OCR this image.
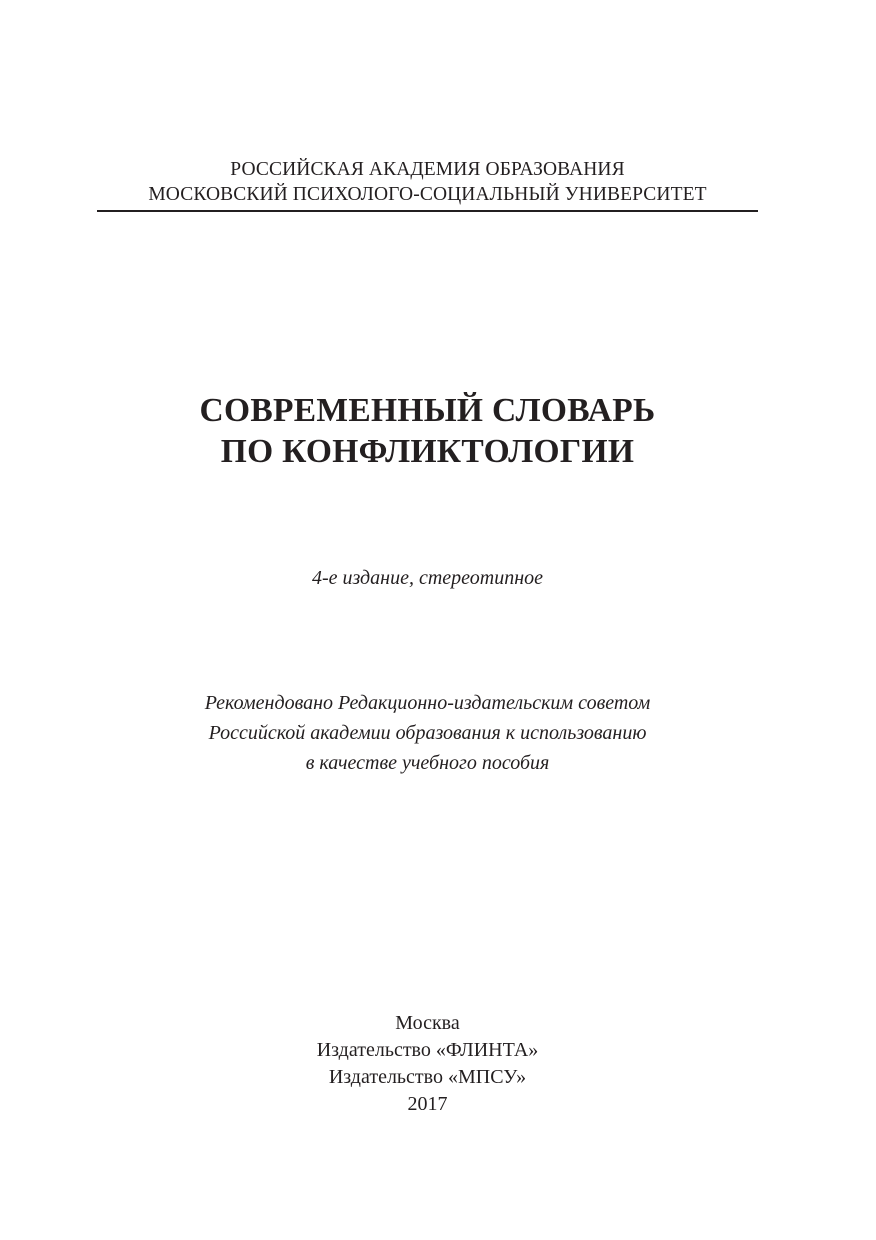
РОССИЙСКАЯ АКАДЕМИЯ ОБРАЗОВАНИЯ
МОСКОВСКИЙ ПСИХОЛОГО-СОЦИАЛЬНЫЙ УНИВЕРСИТЕТ
СОВРЕМЕННЫЙ СЛОВАРЬ
ПО КОНФЛИКТОЛОГИИ
4-е издание, стереотипное
Рекомендовано Редакционно-издательским советом
Российской академии образования к использованию
в качестве учебного пособия
Москва
Издательство «ФЛИНТА»
Издательство «МПСУ»
2017
